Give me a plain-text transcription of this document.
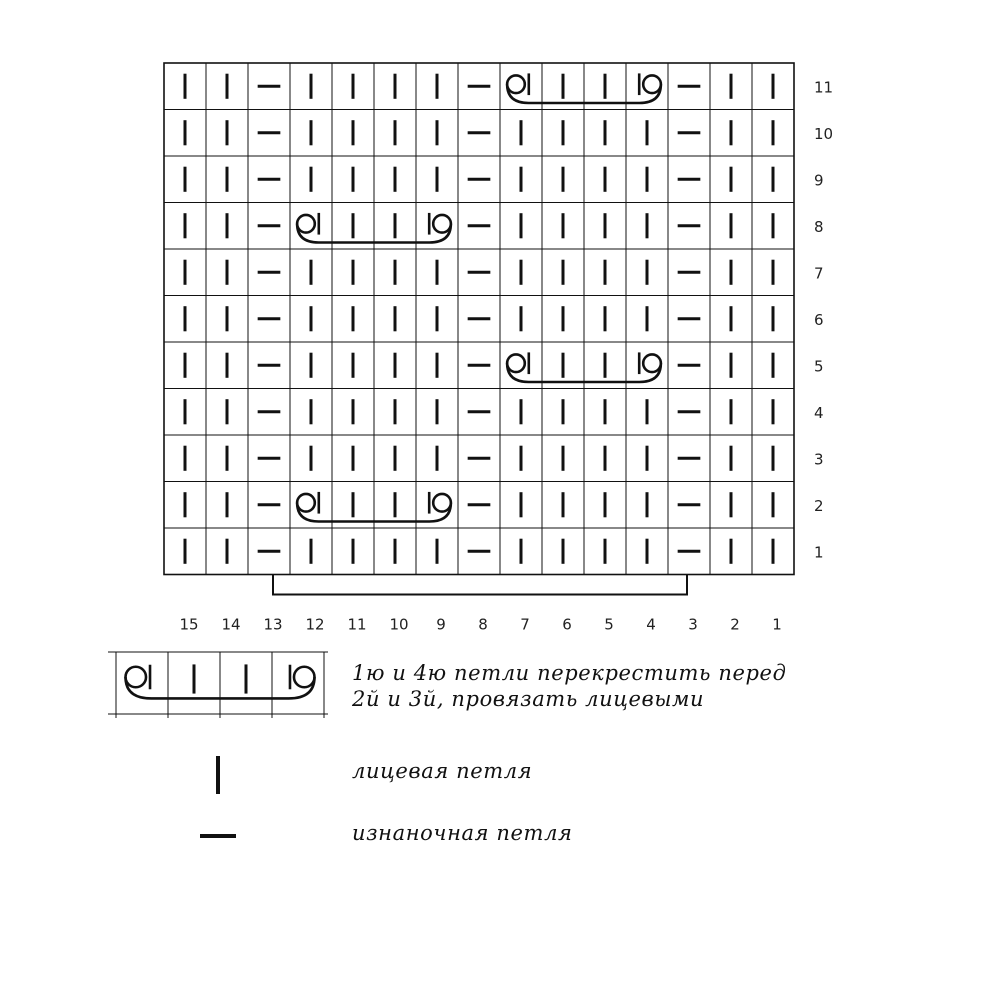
11
10
9
8
7
6
5
4
3
2
1
15 14 13 12 11 10 9 8 7 6 5 4 3 2 1
1ю и 4ю петли перекрестить перед
2й и 3й, провязать лицевыми
лицевая петля
изнаночная петля
